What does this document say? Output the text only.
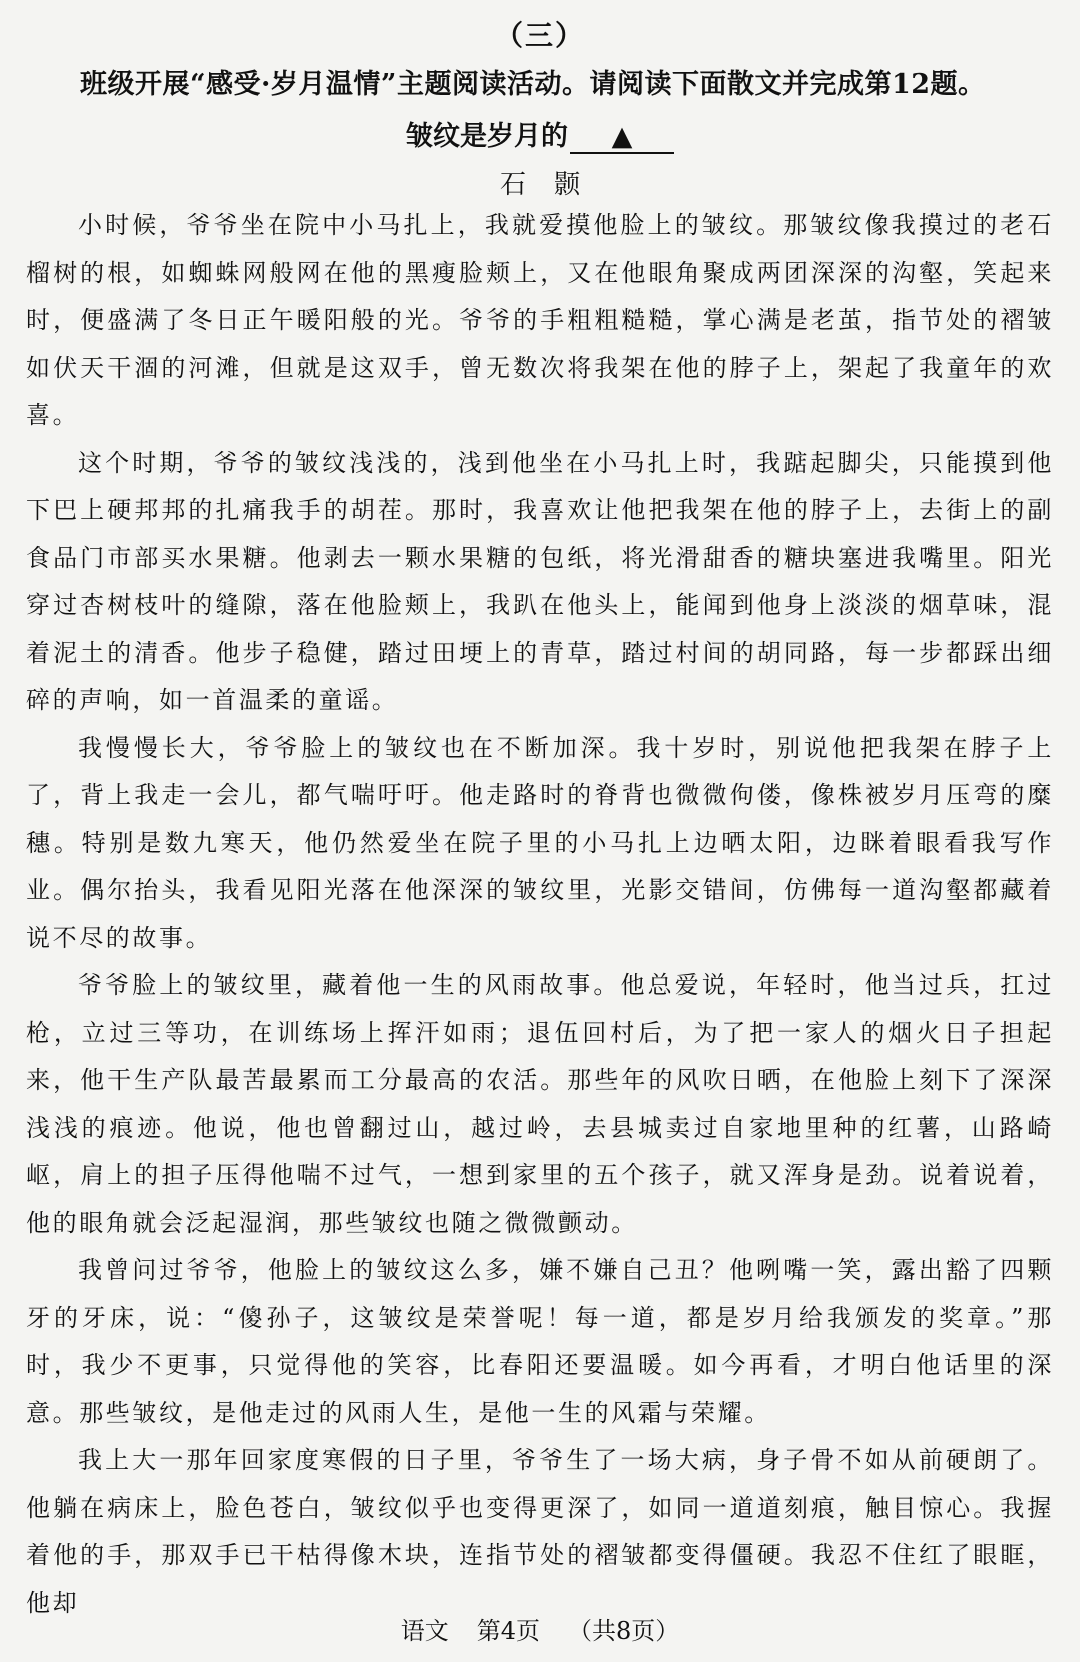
（三）
班级开展“感受·岁月温情”主题阅读活动。请阅读下面散文并完成第12题。
皱纹是岁月的 ▲
石颢

小时候，爷爷坐在院中小马扎上，我就爱摸他脸上的皱纹。那皱纹像我摸过的老石榴树的根，如蜘蛛网般网在他的黑瘦脸颊上，又在他眼角聚成两团深深的沟壑，笑起来时，便盛满了冬日正午暖阳般的光。爷爷的手粗粗糙糙，掌心满是老茧，指节处的褶皱如伏天干涸的河滩，但就是这双手，曾无数次将我架在他的脖子上，架起了我童年的欢喜。

这个时期，爷爷的皱纹浅浅的，浅到他坐在小马扎上时，我踮起脚尖，只能摸到他下巴上硬邦邦的扎痛我手的胡茬。那时，我喜欢让他把我架在他的脖子上，去街上的副食品门市部买水果糖。他剥去一颗水果糖的包纸，将光滑甜香的糖块塞进我嘴里。阳光穿过杏树枝叶的缝隙，落在他脸颊上，我趴在他头上，能闻到他身上淡淡的烟草味，混着泥土的清香。他步子稳健，踏过田埂上的青草，踏过村间的胡同路，每一步都踩出细碎的声响，如一首温柔的童谣。

我慢慢长大，爷爷脸上的皱纹也在不断加深。我十岁时，别说他把我架在脖子上了，背上我走一会儿，都气喘吁吁。他走路时的脊背也微微佝偻，像株被岁月压弯的糜穗。特别是数九寒天，他仍然爱坐在院子里的小马扎上边晒太阳，边眯着眼看我写作业。偶尔抬头，我看见阳光落在他深深的皱纹里，光影交错间，仿佛每一道沟壑都藏着说不尽的故事。

爷爷脸上的皱纹里，藏着他一生的风雨故事。他总爱说，年轻时，他当过兵，扛过枪，立过三等功，在训练场上挥汗如雨；退伍回村后，为了把一家人的烟火日子担起来，他干生产队最苦最累而工分最高的农活。那些年的风吹日晒，在他脸上刻下了深深浅浅的痕迹。他说，他也曾翻过山，越过岭，去县城卖过自家地里种的红薯，山路崎岖，肩上的担子压得他喘不过气，一想到家里的五个孩子，就又浑身是劲。说着说着，他的眼角就会泛起湿润，那些皱纹也随之微微颤动。

我曾问过爷爷，他脸上的皱纹这么多，嫌不嫌自己丑？他咧嘴一笑，露出豁了四颗牙的牙床，说：“傻孙子，这皱纹是荣誉呢！每一道，都是岁月给我颁发的奖章。”那时，我少不更事，只觉得他的笑容，比春阳还要温暖。如今再看，才明白他话里的深意。那些皱纹，是他走过的风雨人生，是他一生的风霜与荣耀。

我上大一那年回家度寒假的日子里，爷爷生了一场大病，身子骨不如从前硬朗了。他躺在病床上，脸色苍白，皱纹似乎也变得更深了，如同一道道刻痕，触目惊心。我握着他的手，那双手已干枯得像木块，连指节处的褶皱都变得僵硬。我忍不住红了眼眶，他却

语文 第4页 （共8页）
